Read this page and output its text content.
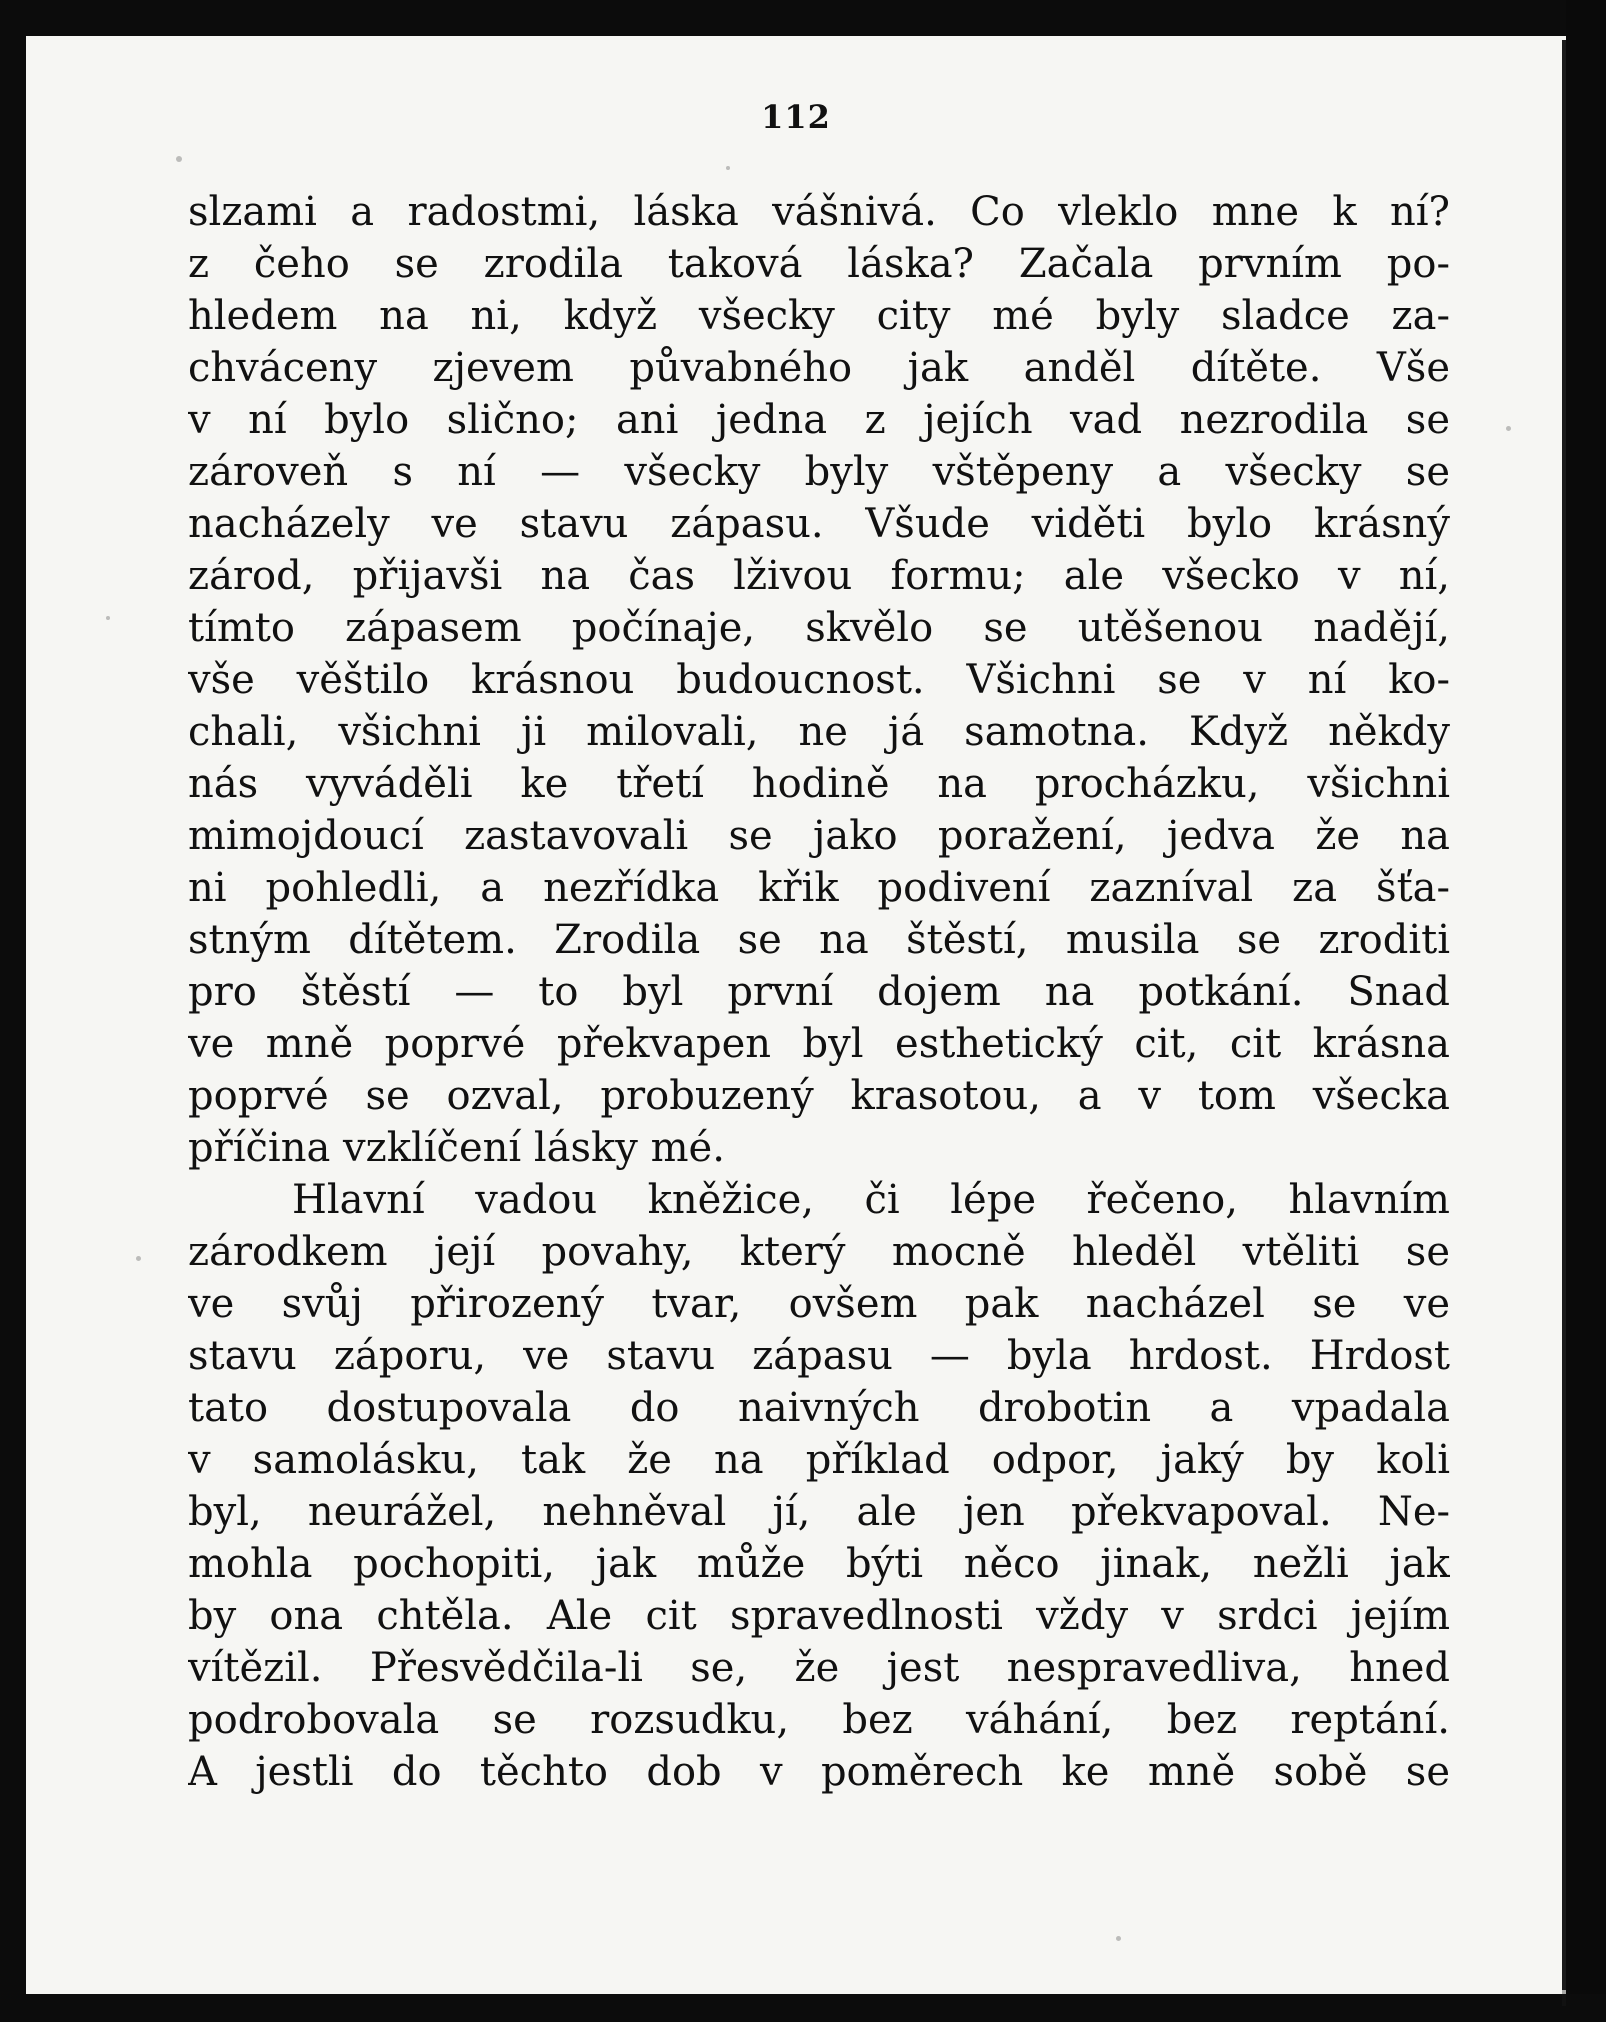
112
slzami a radostmi, láska vášnivá. Co vleklo mne k ní?
z čeho se zrodila taková láska? Začala prvním po-
hledem na ni, když všecky city mé byly sladce za-
chváceny zjevem půvabného jak anděl dítěte. Vše
v ní bylo slično; ani jedna z jejích vad nezrodila se
zároveň s ní — všecky byly vštěpeny a všecky se
nacházely ve stavu zápasu. Všude viděti bylo krásný
zárod, přijavši na čas lživou formu; ale všecko v ní,
tímto zápasem počínaje, skvělo se utěšenou nadějí,
vše věštilo krásnou budoucnost. Všichni se v ní ko-
chali, všichni ji milovali, ne já samotna. Když někdy
nás vyváděli ke třetí hodině na procházku, všichni
mimojdoucí zastavovali se jako poražení, jedva že na
ni pohledli, a nezřídka křik podivení zazníval za šťa-
stným dítětem. Zrodila se na štěstí, musila se zroditi
pro štěstí — to byl první dojem na potkání. Snad
ve mně poprvé překvapen byl esthetický cit, cit krásna
poprvé se ozval, probuzený krasotou, a v tom všecka
příčina vzklíčení lásky mé.
Hlavní vadou kněžice, či lépe řečeno, hlavním
zárodkem její povahy, který mocně hleděl vtěliti se
ve svůj přirozený tvar, ovšem pak nacházel se ve
stavu záporu, ve stavu zápasu — byla hrdost. Hrdost
tato dostupovala do naivných drobotin a vpadala
v samolásku, tak že na příklad odpor, jaký by koli
byl, neurážel, nehněval jí, ale jen překvapoval. Ne-
mohla pochopiti, jak může býti něco jinak, nežli jak
by ona chtěla. Ale cit spravedlnosti vždy v srdci jejím
vítězil. Přesvědčila-li se, že jest nespravedliva, hned
podrobovala se rozsudku, bez váhání, bez reptání.
A jestli do těchto dob v poměrech ke mně sobě se
